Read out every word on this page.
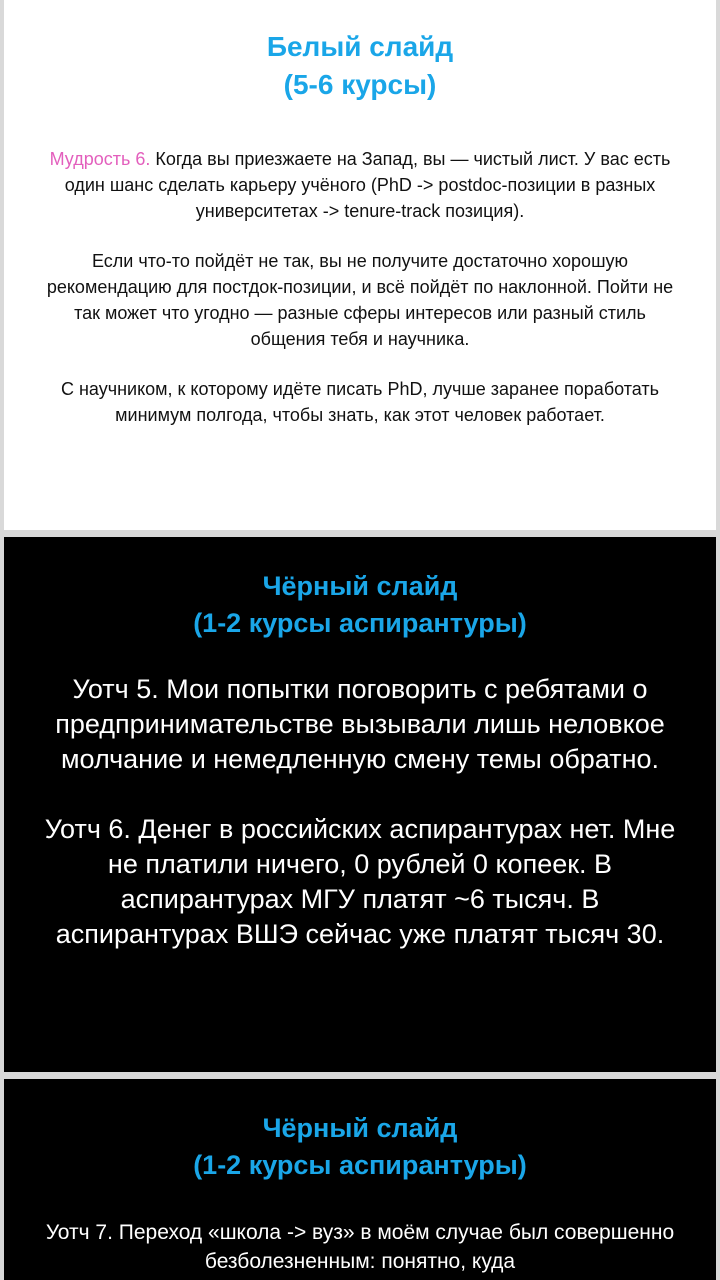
Белый слайд
(5-6 курсы)

Мудрость 6. Когда вы приезжаете на Запад, вы — чистый лист. У вас есть один шанс сделать карьеру учёного (PhD -> postdoc-позиции в разных университетах -> tenure-track позиция).

Если что-то пойдёт не так, вы не получите достаточно хорошую рекомендацию для постдок-позиции, и всё пойдёт по наклонной. Пойти не так может что угодно — разные сферы интересов или разный стиль общения тебя и научника.

С научником, к которому идёте писать PhD, лучше заранее поработать минимум полгода, чтобы знать, как этот человек работает.

Чёрный слайд
(1-2 курсы аспирантуры)

Уотч 5. Мои попытки поговорить с ребятами о предпринимательстве вызывали лишь неловкое молчание и немедленную смену темы обратно.

Уотч 6. Денег в российских аспирантурах нет. Мне не платили ничего, 0 рублей 0 копеек. В аспирантурах МГУ платят ~6 тысяч. В аспирантурах ВШЭ сейчас уже платят тысяч 30.

Чёрный слайд
(1-2 курсы аспирантуры)

Уотч 7. Переход «школа -> вуз» в моём случае был совершенно безболезненным: понятно, куда
